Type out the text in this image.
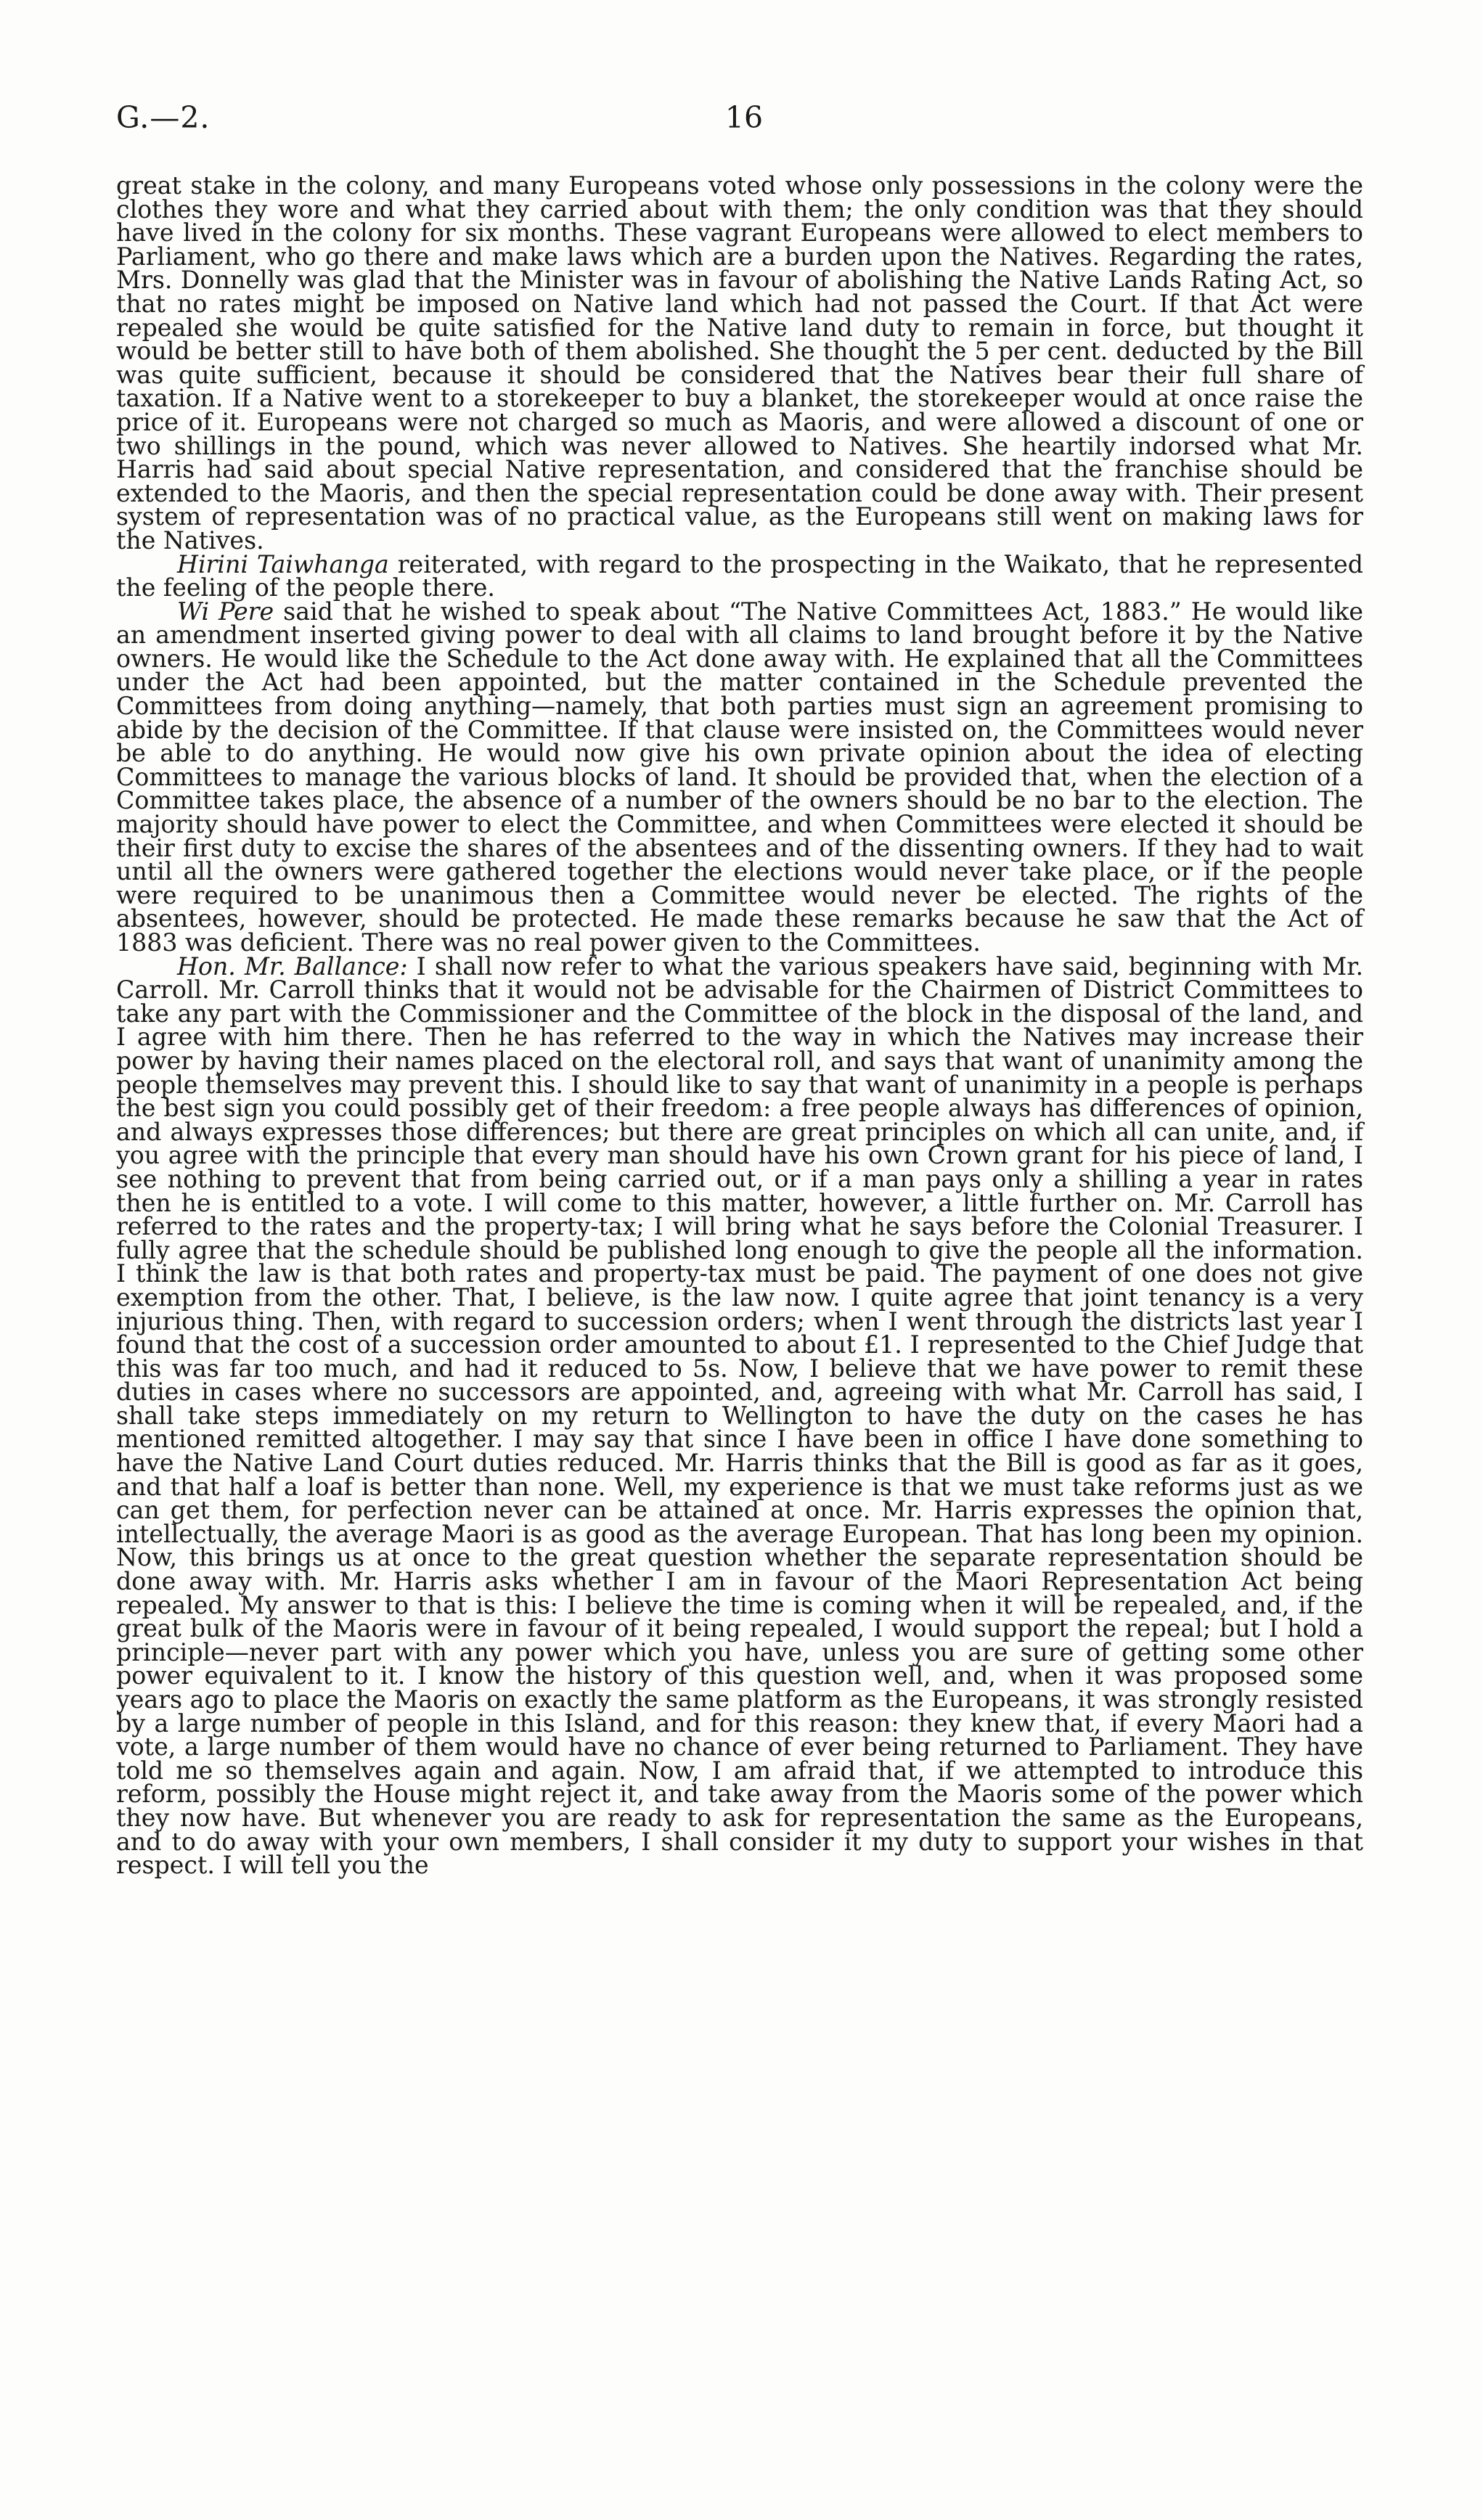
G.—2.	16

great stake in the colony, and many Europeans voted whose only possessions in the colony were the clothes they wore and what they carried about with them; the only condition was that they should have lived in the colony for six months. These vagrant Europeans were allowed to elect members to Parliament, who go there and make laws which are a burden upon the Natives. Regarding the rates, Mrs. Donnelly was glad that the Minister was in favour of abolishing the Native Lands Rating Act, so that no rates might be imposed on Native land which had not passed the Court. If that Act were repealed she would be quite satisfied for the Native land duty to remain in force, but thought it would be better still to have both of them abolished. She thought the 5 per cent. deducted by the Bill was quite sufficient, because it should be considered that the Natives bear their full share of taxation. If a Native went to a storekeeper to buy a blanket, the storekeeper would at once raise the price of it. Europeans were not charged so much as Maoris, and were allowed a discount of one or two shillings in the pound, which was never allowed to Natives. She heartily indorsed what Mr. Harris had said about special Native representation, and considered that the franchise should be extended to the Maoris, and then the special representation could be done away with. Their present system of representation was of no practical value, as the Europeans still went on making laws for the Natives.

Hirini Taiwhanga reiterated, with regard to the prospecting in the Waikato, that he represented the feeling of the people there.

Wi Pere said that he wished to speak about “The Native Committees Act, 1883.” He would like an amendment inserted giving power to deal with all claims to land brought before it by the Native owners. He would like the Schedule to the Act done away with. He explained that all the Committees under the Act had been appointed, but the matter contained in the Schedule prevented the Committees from doing anything—namely, that both parties must sign an agreement promising to abide by the decision of the Committee. If that clause were insisted on, the Committees would never be able to do anything. He would now give his own private opinion about the idea of electing Committees to manage the various blocks of land. It should be provided that, when the election of a Committee takes place, the absence of a number of the owners should be no bar to the election. The majority should have power to elect the Committee, and when Committees were elected it should be their first duty to excise the shares of the absentees and of the dissenting owners. If they had to wait until all the owners were gathered together the elections would never take place, or if the people were required to be unanimous then a Committee would never be elected. The rights of the absentees, however, should be protected. He made these remarks because he saw that the Act of 1883 was deficient. There was no real power given to the Committees.

Hon. Mr. Ballance: I shall now refer to what the various speakers have said, beginning with Mr. Carroll. Mr. Carroll thinks that it would not be advisable for the Chairmen of District Committees to take any part with the Commissioner and the Committee of the block in the disposal of the land, and I agree with him there. Then he has referred to the way in which the Natives may increase their power by having their names placed on the electoral roll, and says that want of unanimity among the people themselves may prevent this. I should like to say that want of unanimity in a people is perhaps the best sign you could possibly get of their freedom: a free people always has differences of opinion, and always expresses those differences; but there are great principles on which all can unite, and, if you agree with the principle that every man should have his own Crown grant for his piece of land, I see nothing to prevent that from being carried out, or if a man pays only a shilling a year in rates then he is entitled to a vote. I will come to this matter, however, a little further on. Mr. Carroll has referred to the rates and the property-tax; I will bring what he says before the Colonial Treasurer. I fully agree that the schedule should be published long enough to give the people all the information. I think the law is that both rates and property-tax must be paid. The payment of one does not give exemption from the other. That, I believe, is the law now. I quite agree that joint tenancy is a very injurious thing. Then, with regard to succession orders; when I went through the districts last year I found that the cost of a succession order amounted to about £1. I represented to the Chief Judge that this was far too much, and had it reduced to 5s. Now, I believe that we have power to remit these duties in cases where no successors are appointed, and, agreeing with what Mr. Carroll has said, I shall take steps immediately on my return to Wellington to have the duty on the cases he has mentioned remitted altogether. I may say that since I have been in office I have done something to have the Native Land Court duties reduced. Mr. Harris thinks that the Bill is good as far as it goes, and that half a loaf is better than none. Well, my experience is that we must take reforms just as we can get them, for perfection never can be attained at once. Mr. Harris expresses the opinion that, intellectually, the average Maori is as good as the average European. That has long been my opinion. Now, this brings us at once to the great question whether the separate representation should be done away with. Mr. Harris asks whether I am in favour of the Maori Representation Act being repealed. My answer to that is this: I believe the time is coming when it will be repealed, and, if the great bulk of the Maoris were in favour of it being repealed, I would support the repeal; but I hold a principle—never part with any power which you have, unless you are sure of getting some other power equivalent to it. I know the history of this question well, and, when it was proposed some years ago to place the Maoris on exactly the same platform as the Europeans, it was strongly resisted by a large number of people in this Island, and for this reason: they knew that, if every Maori had a vote, a large number of them would have no chance of ever being returned to Parliament. They have told me so themselves again and again. Now, I am afraid that, if we attempted to introduce this reform, possibly the House might reject it, and take away from the Maoris some of the power which they now have. But whenever you are ready to ask for representation the same as the Europeans, and to do away with your own members, I shall consider it my duty to support your wishes in that respect. I will tell you the
